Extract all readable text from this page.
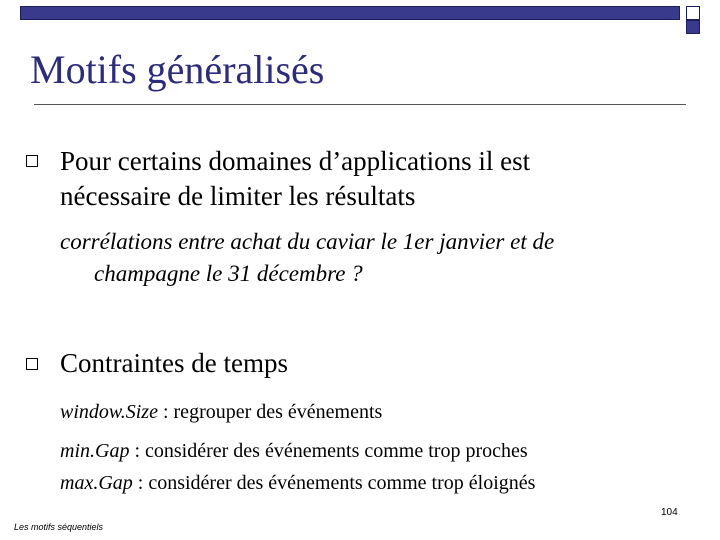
Motifs généralisés
Pour certains domaines d’applications il est
nécessaire de limiter les résultats
corrélations entre achat du caviar le 1er janvier et de
champagne le 31 décembre ?
Contraintes de temps
window.Size : regrouper des événements
min.Gap : considérer des événements comme trop proches
max.Gap : considérer des événements comme trop éloignés
104
Les motifs séquentiels
